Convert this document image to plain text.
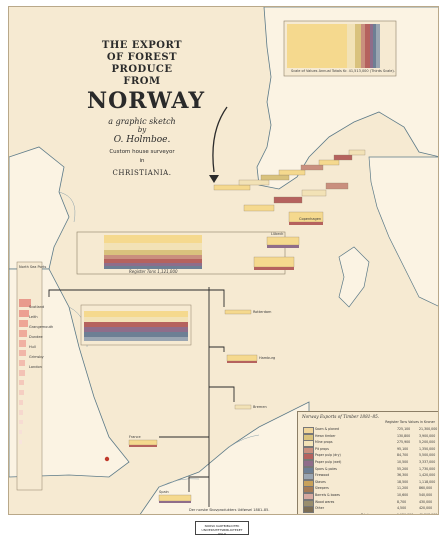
THE EXPORT
OF FOREST PRODUCE
FROM
NORWAY
a graphic sketch
by
O. Holmboe.
Custom house surveyor
in
CHRISTIANIA.
Scale of Values Annual Totals Kr. 41,513,000 (Thirds Scale).
Register Tons 1,121,000
North Sea Ports
Der norske Skovprodukters Udførsel 1881–85.
Scotland
Leith
Grangemouth
Dundee
Hull
Grimsby
London
Rotterdam
Hamburg
Bremen
Copenhagen
Lübeck
France
Spain
Norway Exports of Timber 1881–85.
Register Tons Values in Kroner
Sawn & planed	725,100	21,300,000
Hewn timber	130,800	3,900,000
Mine props	275,900	5,200,000
Pit props	95,100	1,350,000
Paper pulp (dry)	84,700	5,500,000
Paper pulp (wet)	10,500	3,337,000
Spars & poles	55,200	1,730,000
Firewood	36,300	1,420,000
Staves	18,500	1,118,000
Sleepers	11,200	860,000
Barrels & boxes	10,600	540,000
Wood wares	8,700	430,000
Other	4,500	420,000
Totals	1,121,000 41,513,000
NORSK KARTBIBLIOTEK
UNIVERSITETSBIBLIOTEKET
OSLO
